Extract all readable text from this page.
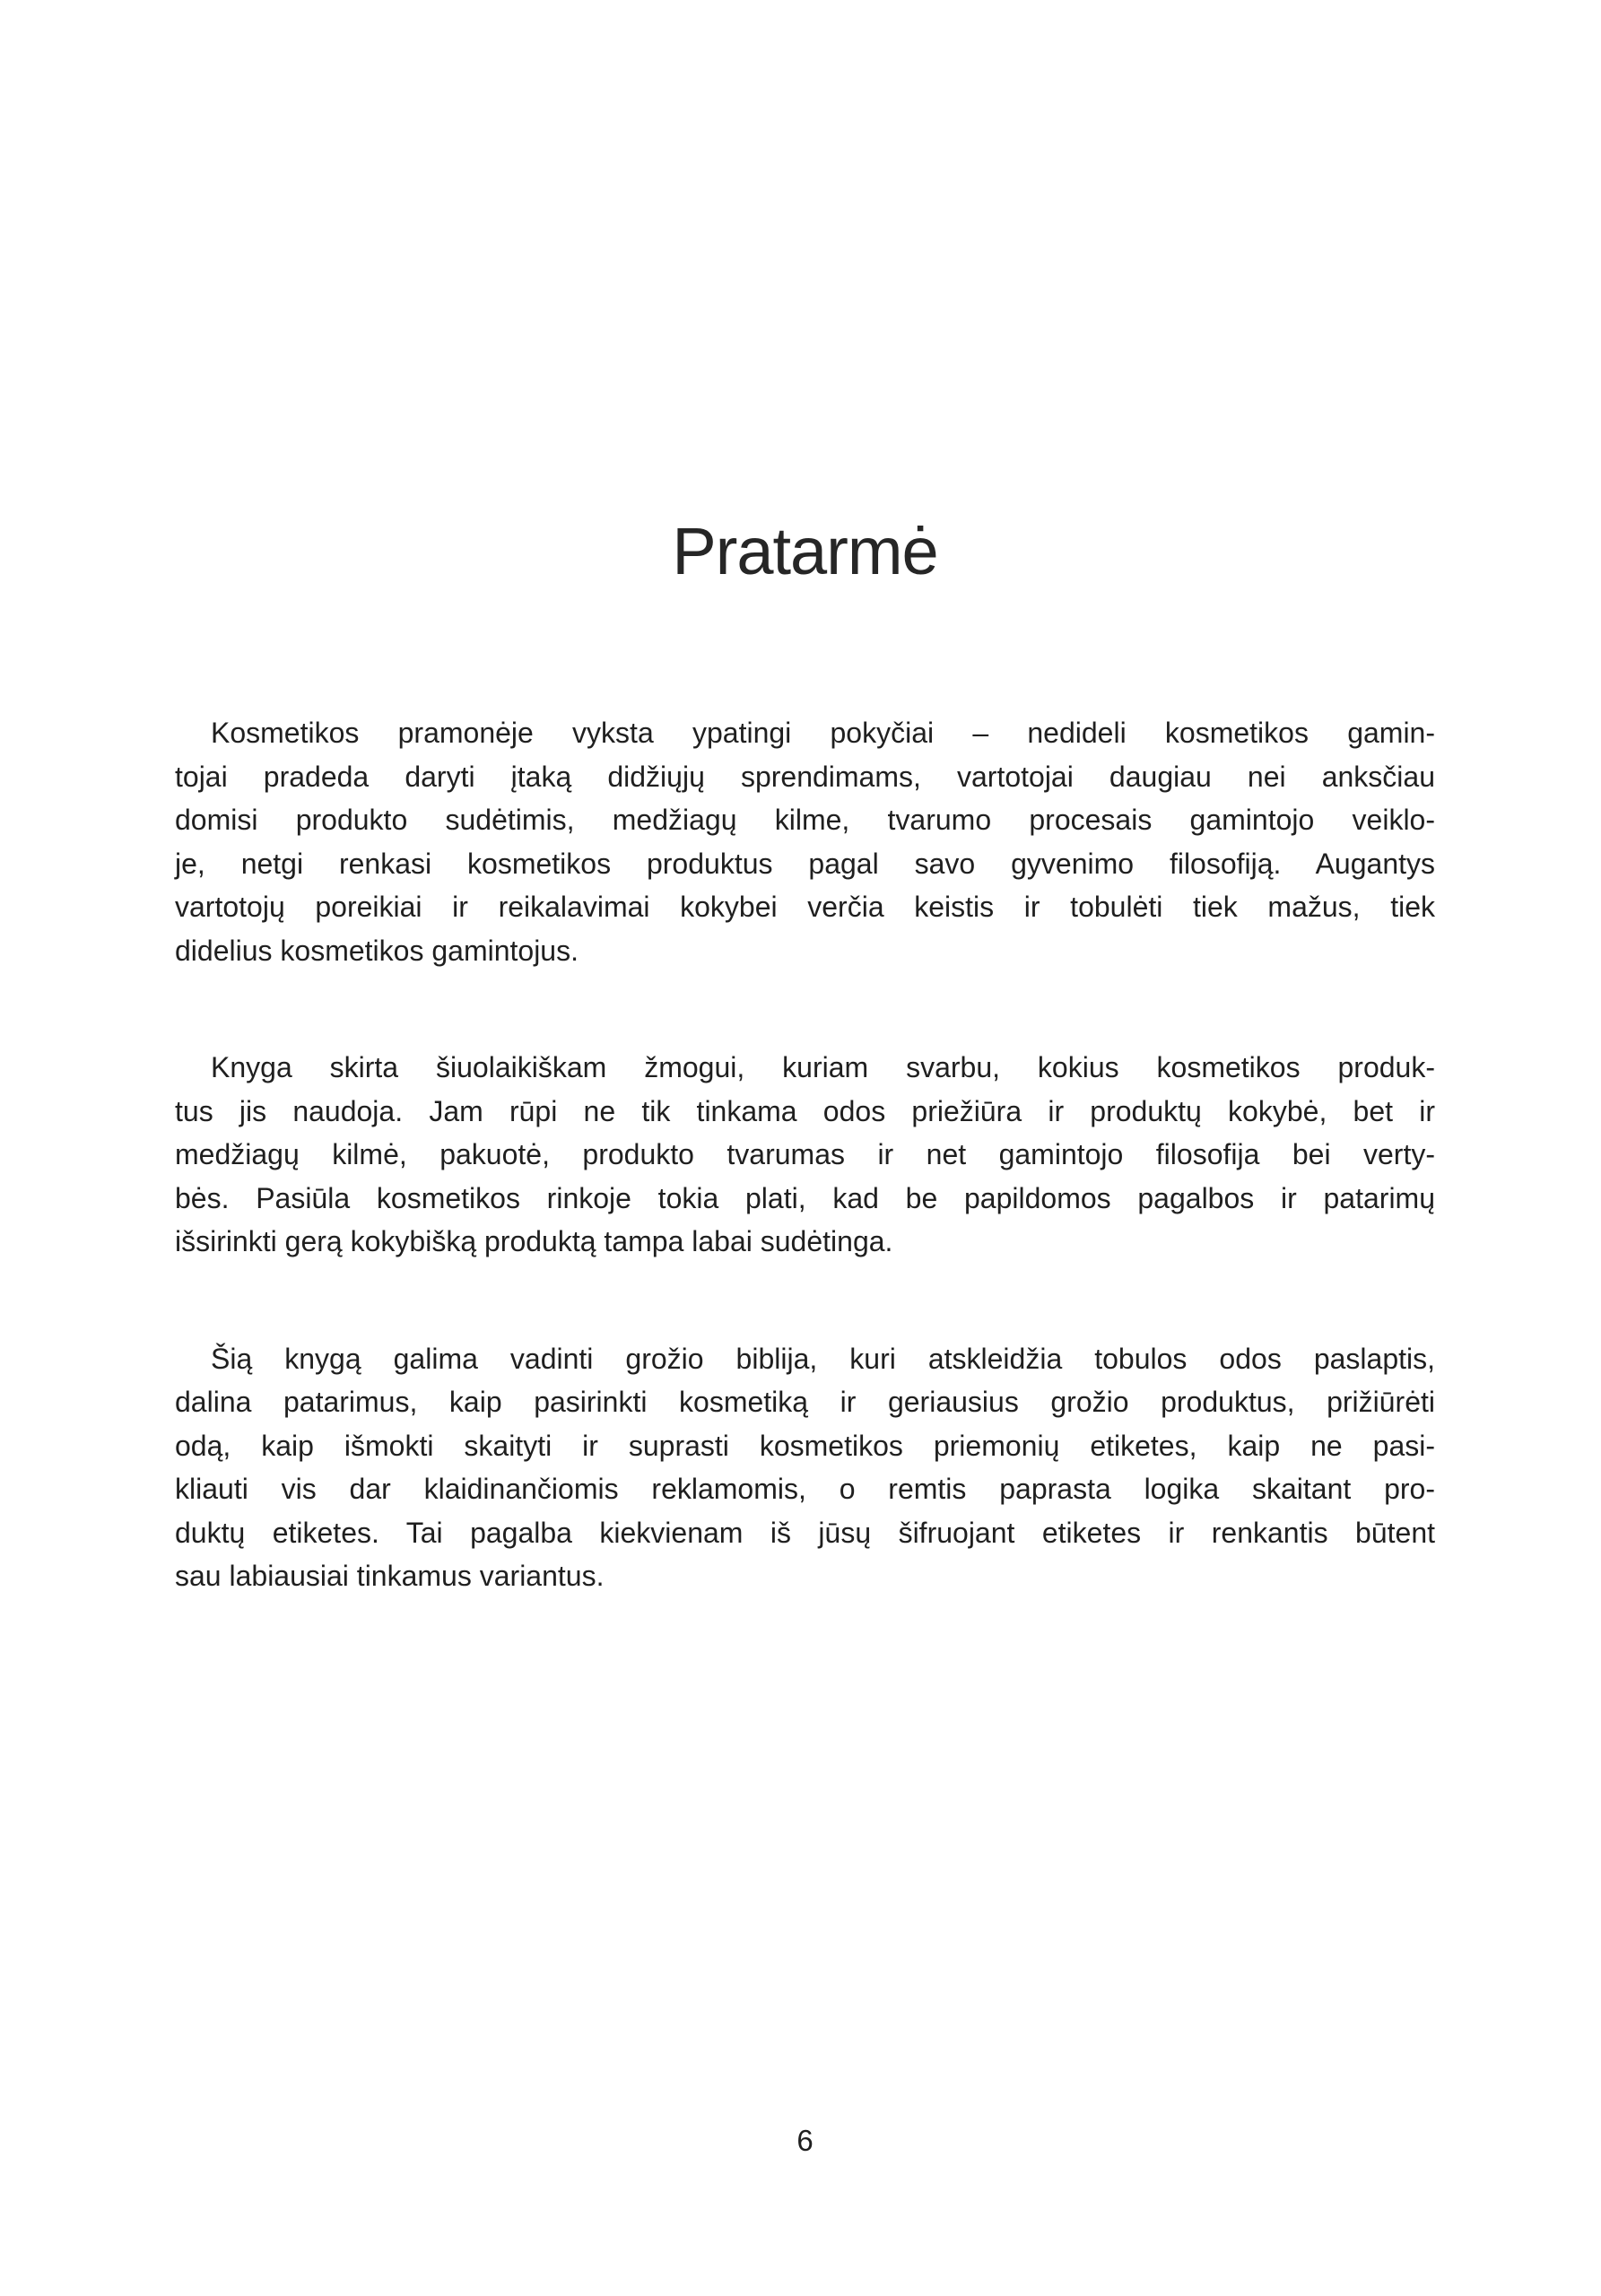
Pratarmė
Kosmetikos pramonėje vyksta ypatingi pokyčiai – nedideli kosmetikos gamin-
tojai pradeda daryti įtaką didžiųjų sprendimams, vartotojai daugiau nei anksčiau
domisi produkto sudėtimis, medžiagų kilme, tvarumo procesais gamintojo veiklo-
je, netgi renkasi kosmetikos produktus pagal savo gyvenimo filosofiją. Augantys
vartotojų poreikiai ir reikalavimai kokybei verčia keistis ir tobulėti tiek mažus, tiek
didelius kosmetikos gamintojus.
Knyga skirta šiuolaikiškam žmogui, kuriam svarbu, kokius kosmetikos produk-
tus jis naudoja. Jam rūpi ne tik tinkama odos priežiūra ir produktų kokybė, bet ir
medžiagų kilmė, pakuotė, produkto tvarumas ir net gamintojo filosofija bei verty-
bės. Pasiūla kosmetikos rinkoje tokia plati, kad be papildomos pagalbos ir patarimų
išsirinkti gerą kokybišką produktą tampa labai sudėtinga.
Šią knygą galima vadinti grožio biblija, kuri atskleidžia tobulos odos paslaptis,
dalina patarimus, kaip pasirinkti kosmetiką ir geriausius grožio produktus, prižiūrėti
odą, kaip išmokti skaityti ir suprasti kosmetikos priemonių etiketes, kaip ne pasi-
kliauti vis dar klaidinančiomis reklamomis, o remtis paprasta logika skaitant pro-
duktų etiketes. Tai pagalba kiekvienam iš jūsų šifruojant etiketes ir renkantis būtent
sau labiausiai tinkamus variantus.
6
